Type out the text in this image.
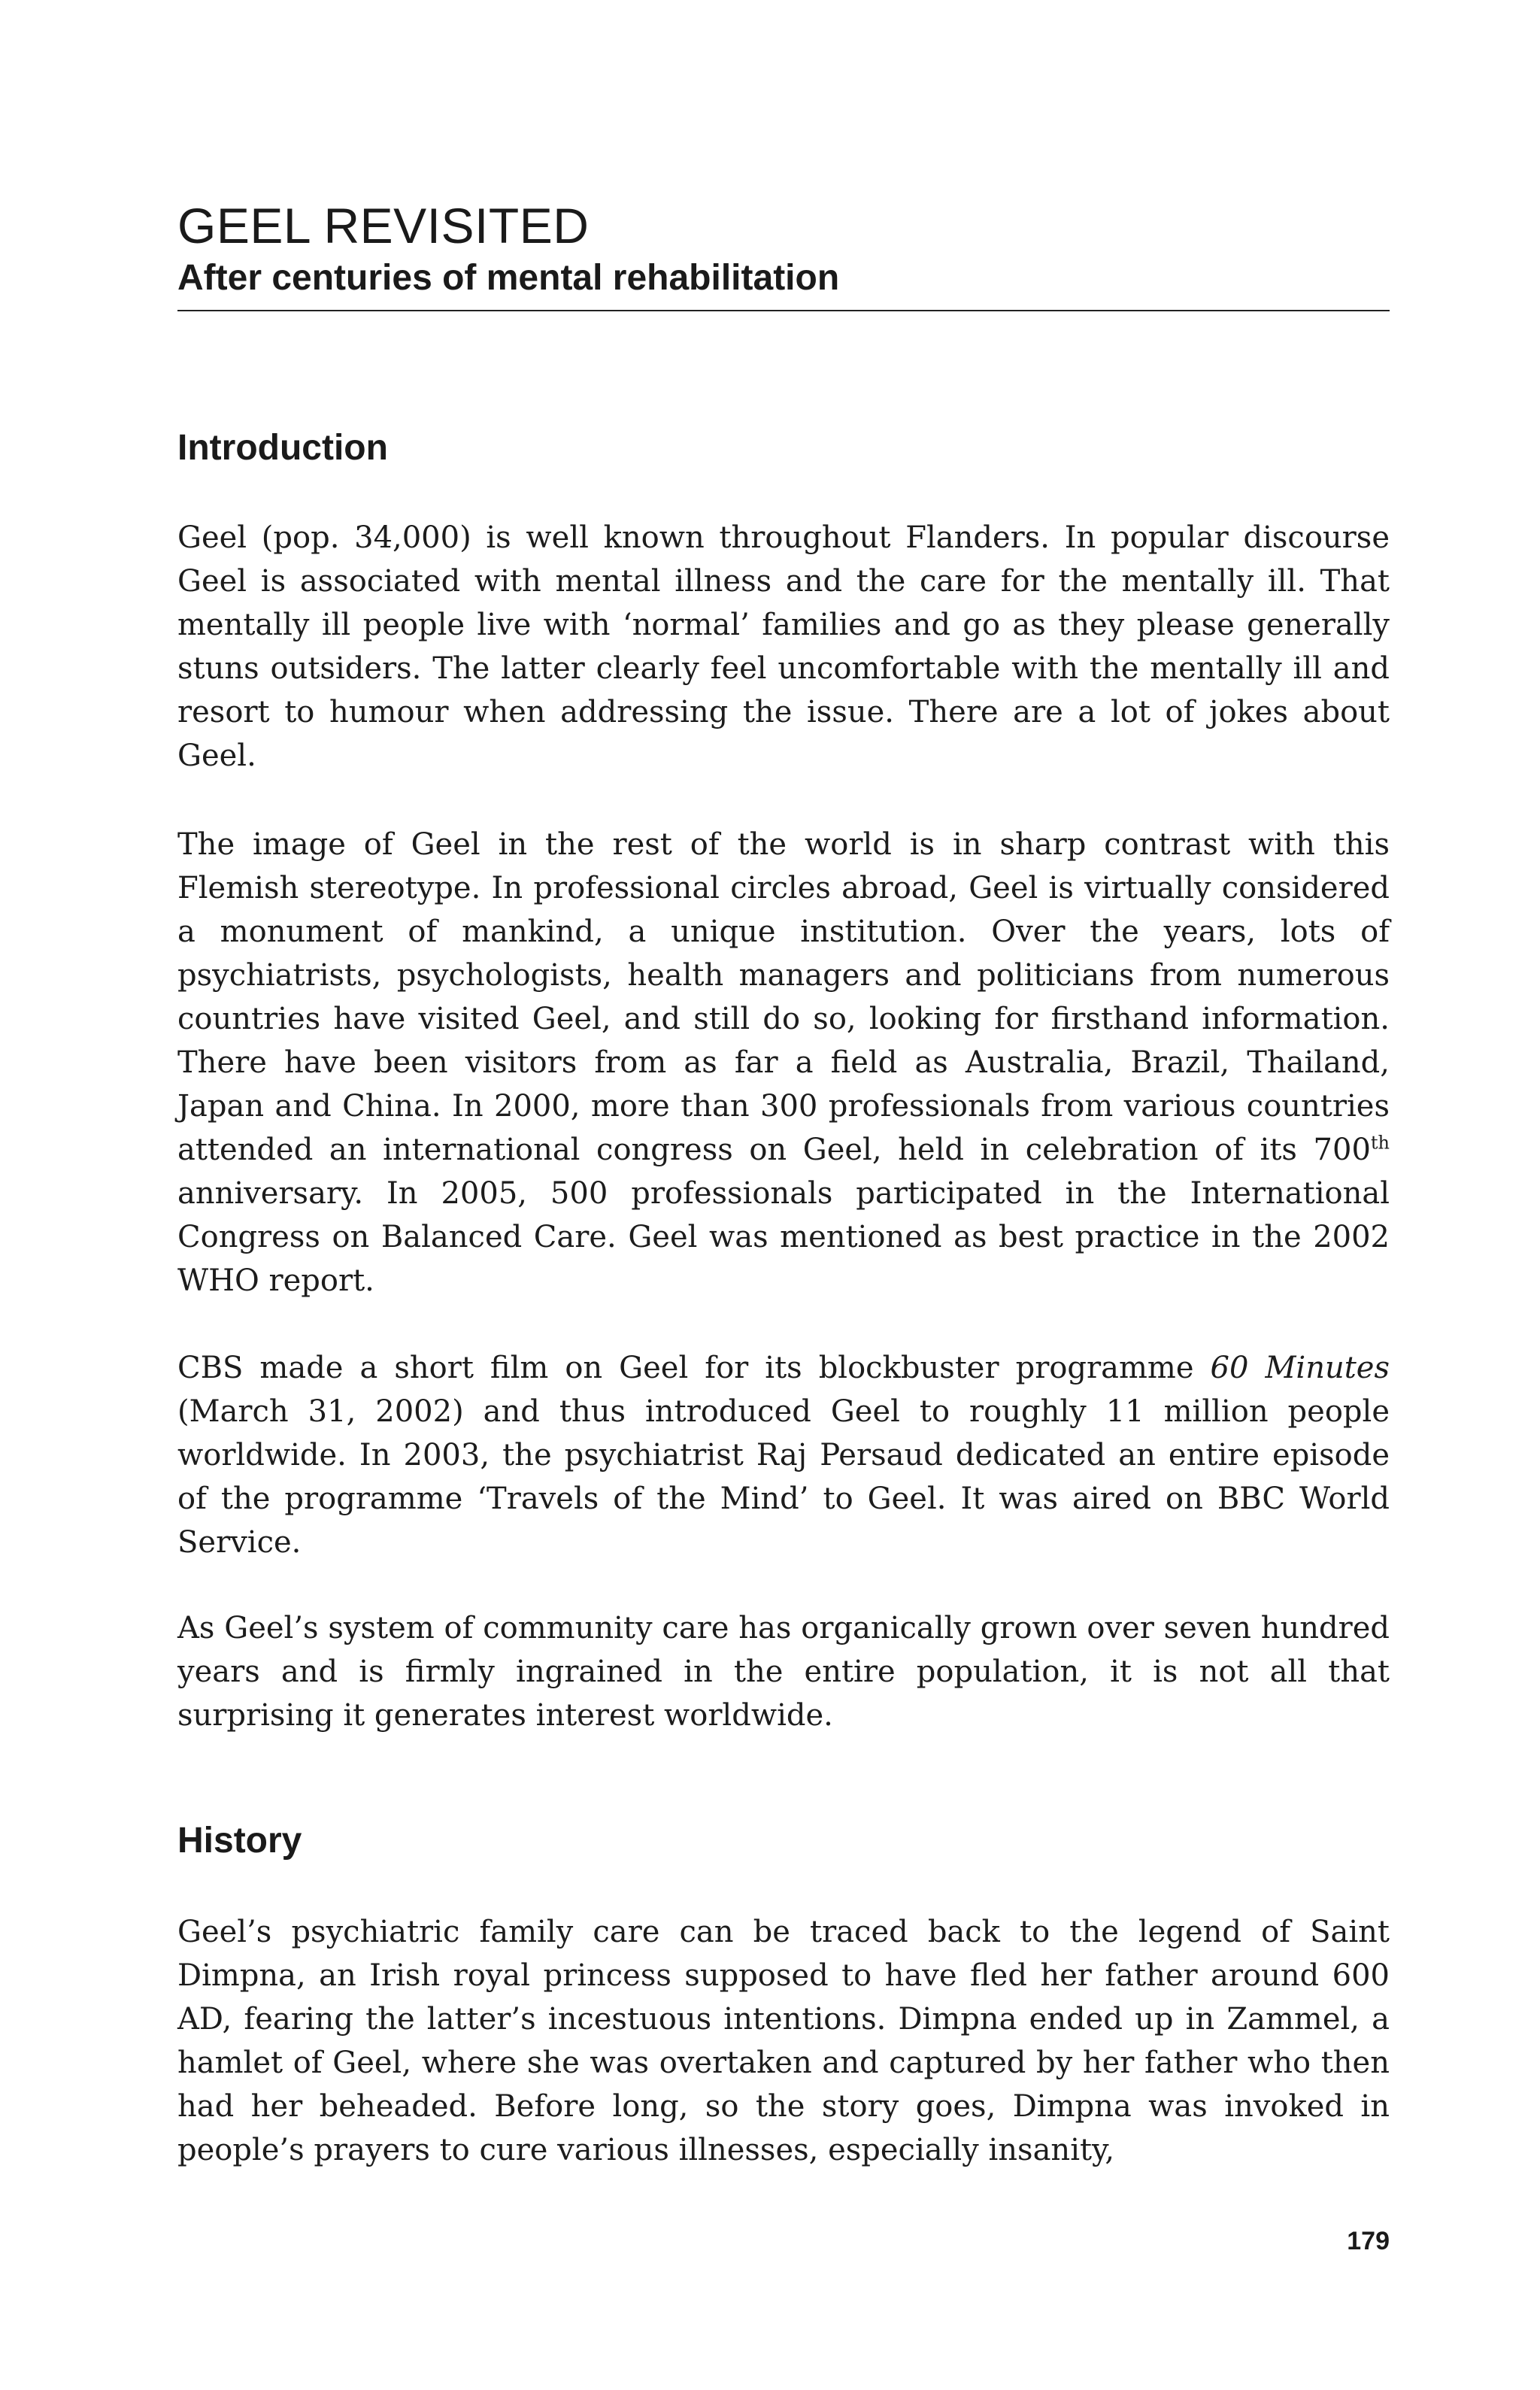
GEEL REVISITED
After centuries of mental rehabilitation
Introduction

Geel (pop. 34,000) is well known throughout Flanders. In popular discourse Geel is associated with mental illness and the care for the mentally ill. That mentally ill people live with ‘normal’ families and go as they please generally stuns outsiders. The latter clearly feel uncomfortable with the mentally ill and resort to humour when addressing the issue. There are a lot of jokes about Geel.

The image of Geel in the rest of the world is in sharp contrast with this Flemish stereotype. In professional circles abroad, Geel is virtually considered a monument of mankind, a unique institution. Over the years, lots of psychiatrists, psychologists, health managers and politicians from numerous countries have visited Geel, and still do so, looking for firsthand information. There have been visitors from as far a field as Australia, Brazil, Thailand, Japan and China. In 2000, more than 300 professionals from various countries attended an international congress on Geel, held in celebration of its 700th anniversary. In 2005, 500 professionals participated in the International Congress on Balanced Care. Geel was mentioned as best practice in the 2002 WHO report.

CBS made a short film on Geel for its blockbuster programme 60 Minutes (March 31, 2002) and thus introduced Geel to roughly 11 million people worldwide. In 2003, the psychiatrist Raj Persaud dedicated an entire episode of the programme ‘Travels of the Mind’ to Geel. It was aired on BBC World Service.

As Geel’s system of community care has organically grown over seven hundred years and is firmly ingrained in the entire population, it is not all that surprising it generates interest worldwide.

History

Geel’s psychiatric family care can be traced back to the legend of Saint Dimpna, an Irish royal princess supposed to have fled her father around 600 AD, fearing the latter’s incestuous intentions. Dimpna ended up in Zammel, a hamlet of Geel, where she was overtaken and captured by her father who then had her beheaded. Before long, so the story goes, Dimpna was invoked in people’s prayers to cure various illnesses, especially insanity,

179
